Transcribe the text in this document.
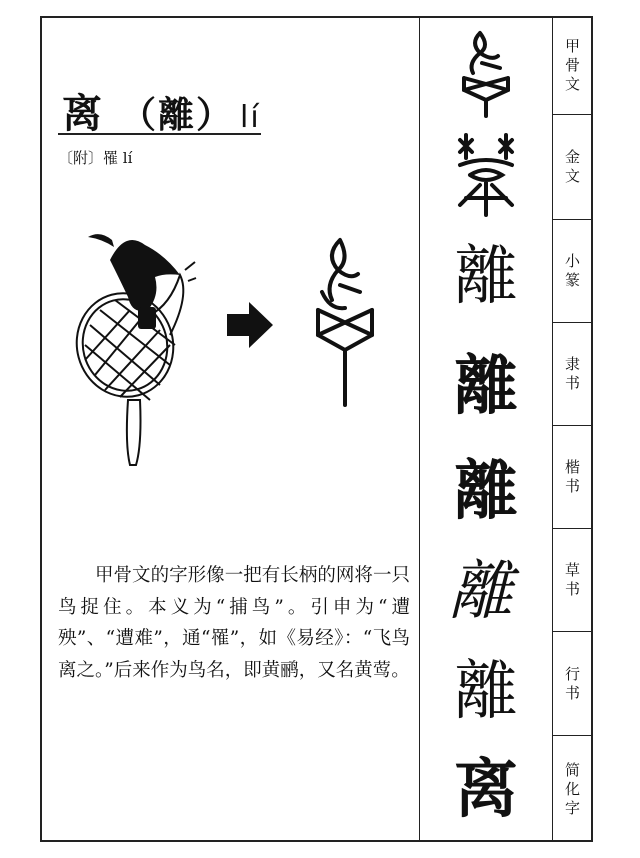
离 （離） lí
〔附〕罹 lí
離
離
離
離
離
离

甲骨文的字形像一把有长柄的网将一只鸟捉住。本义为“捕鸟”。引申为“遭殃”、“遭难”，通“罹”，如《易经》：“飞鸟离之。”后来作为鸟名，即黄鹂，又名黄莺。

甲骨文
金文
小篆
隶书
楷书
草书
行书
简化字
